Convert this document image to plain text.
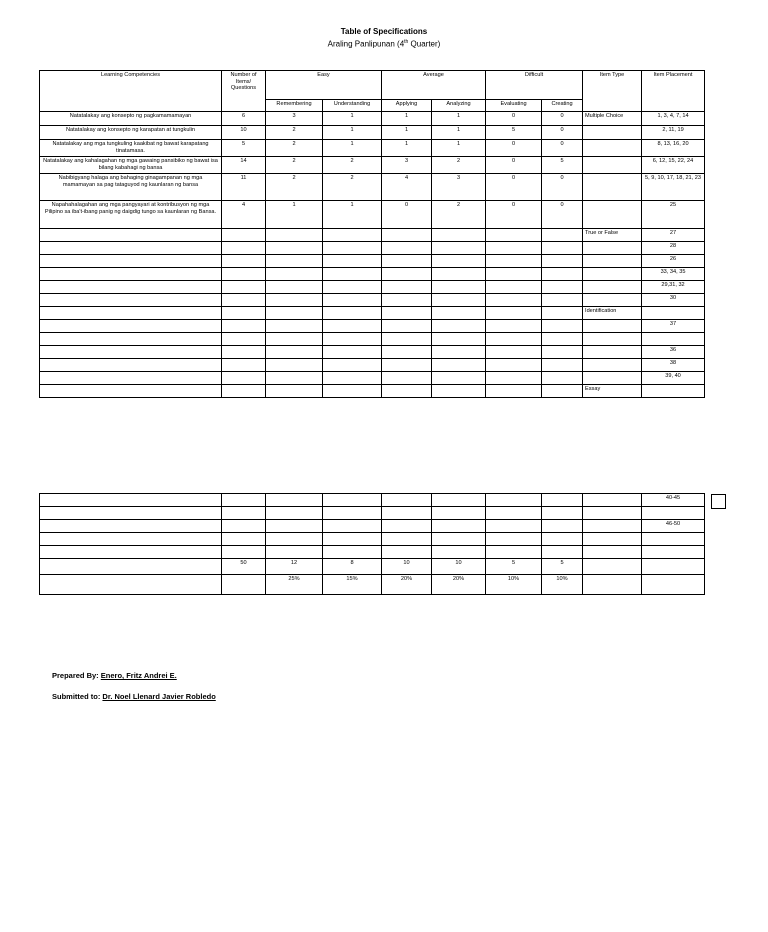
Table of Specifications
Araling Panlipunan (4th Quarter)
Learning Competencies	Number of Items/ Questions	Easy		Average		Difficult		Item Type	Item Placement
		Remembering	Understanding	Applying	Analyzing	Evaluating	Creating		
Natatalakay ang konsepto ng pagkamamamayan	6	3	1	1	1	0	0	Multiple Choice	1, 3, 4, 7, 14
Natatalakay ang konsepto ng karapatan at tungkulin	10	2	1	1	1	5	0		2, 11, 19
Natatalakay ang mga tungkuling kaakibat ng bawat karapatang tinatamasa.	5	2	1	1	1	0	0		8, 13, 16, 20
Natatalakay ang kahalagahan ng mga gawaing pansibiko ng bawat isa bilang kabahagi ng bansa	14	2	2	3	2	0	5		6, 12, 15, 22, 24
Nabibigyang halaga ang bahaging ginagampanan ng mga mamamayan sa pag tataguyod ng kaunlaran ng bansa	11	2	2	4	3	0	0		5, 9, 10, 17, 18, 21, 23
Napahahalagahan ang mga pangyayari at kontribusyon ng mga Pilipino sa iba't-ibang panig ng daigdig tungo sa kaunlaran ng Bansa.	4	1	1	0	2	0	0		25
								True or False	27
									28
									26
									33, 34, 35
									29,31, 32
									30
								Identification	
									37

									36
									38
									39, 40
								Essay	
									40-45

									46-50

	50	12	8	10	10	5	5		
		25%	15%	20%	20%	10%	10%		
Prepared By: Enero, Fritz Andrei E.
Submitted to: Dr. Noel Llenard Javier Robledo
